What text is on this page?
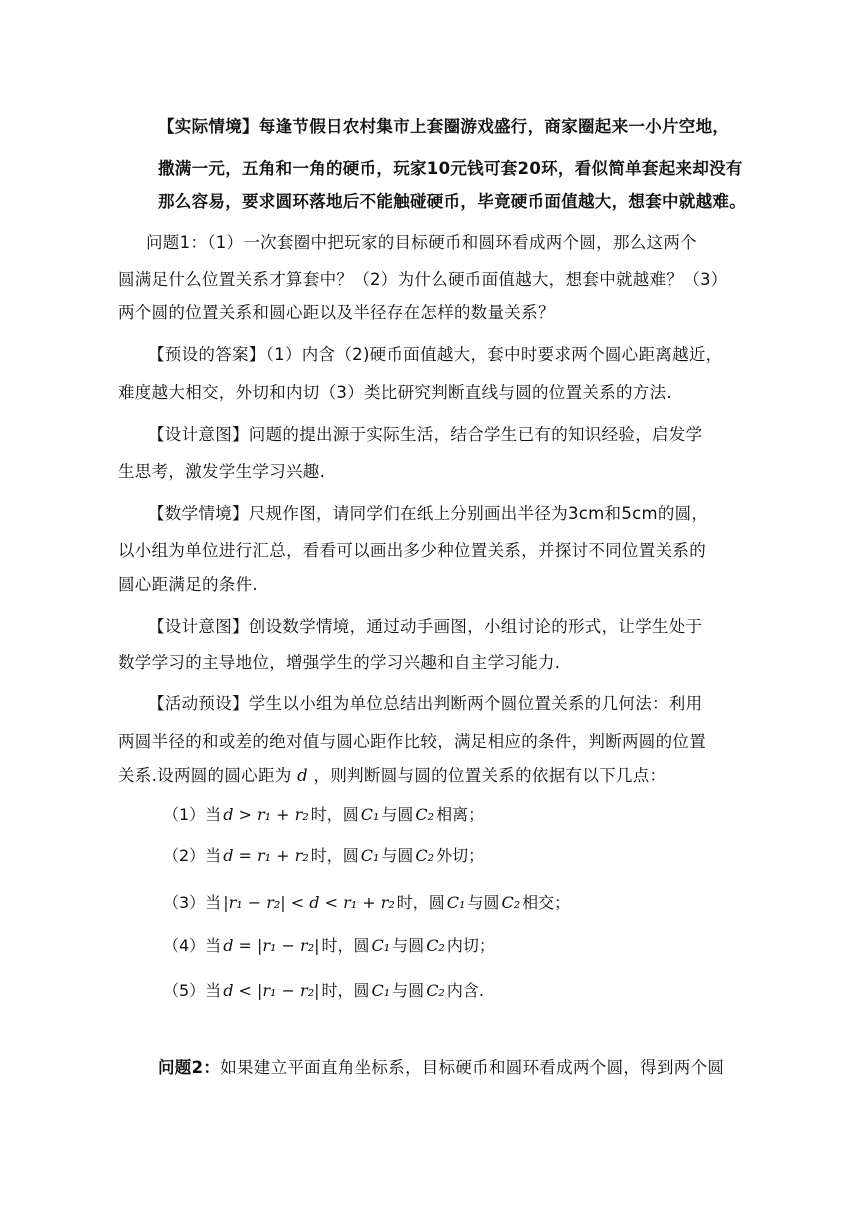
【实际情境】每逢节假日农村集市上套圈游戏盛行，商家圈起来一小片空地，
撒满一元，五角和一角的硬币，玩家10元钱可套20环，看似简单套起来却没有
那么容易，要求圆环落地后不能触碰硬币，毕竟硬币面值越大，想套中就越难。
问题1：（1）一次套圈中把玩家的目标硬币和圆环看成两个圆，那么这两个
圆满足什么位置关系才算套中？（2）为什么硬币面值越大，想套中就越难？（3）
两个圆的位置关系和圆心距以及半径存在怎样的数量关系？
【预设的答案】（1）内含（2)硬币面值越大，套中时要求两个圆心距离越近，
难度越大相交，外切和内切（3）类比研究判断直线与圆的位置关系的方法.
【设计意图】问题的提出源于实际生活，结合学生已有的知识经验，启发学
生思考，激发学生学习兴趣.
【数学情境】尺规作图，请同学们在纸上分别画出半径为3cm和5cm的圆，
以小组为单位进行汇总，看看可以画出多少种位置关系，并探讨不同位置关系的
圆心距满足的条件.
【设计意图】创设数学情境，通过动手画图，小组讨论的形式，让学生处于
数学学习的主导地位，增强学生的学习兴趣和自主学习能力.
【活动预设】学生以小组为单位总结出判断两个圆位置关系的几何法：利用
两圆半径的和或差的绝对值与圆心距作比较，满足相应的条件，判断两圆的位置
关系.设两圆的圆心距为 d ，则判断圆与圆的位置关系的依据有以下几点：
（1）当 d > r₁ + r₂ 时，圆 C₁ 与圆 C₂ 相离；
（2）当 d = r₁ + r₂ 时，圆 C₁ 与圆 C₂ 外切；
（3）当 |r₁ − r₂| < d < r₁ + r₂ 时，圆 C₁ 与圆 C₂ 相交；
（4）当 d = |r₁ − r₂| 时，圆 C₁ 与圆 C₂ 内切；
（5）当 d < |r₁ − r₂| 时，圆 C₁ 与圆 C₂ 内含.
问题2：如果建立平面直角坐标系，目标硬币和圆环看成两个圆，得到两个圆
